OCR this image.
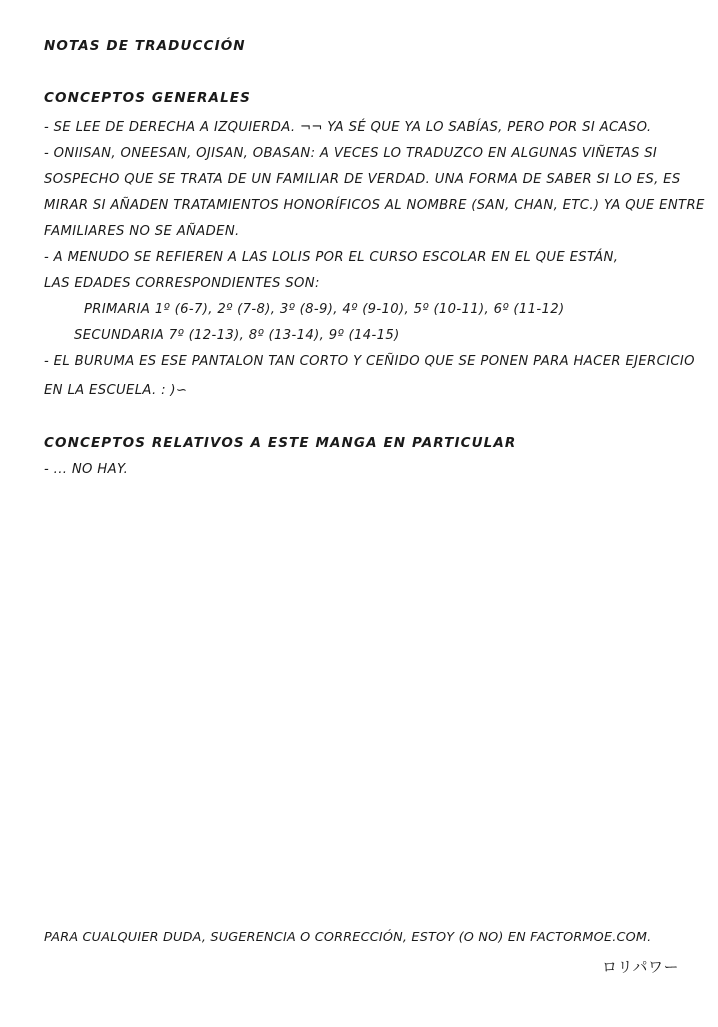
NOTAS DE TRADUCCIÓN
CONCEPTOS GENERALES
- SE LEE DE DERECHA A IZQUIERDA. ¬¬ YA SÉ QUE YA LO SABÍAS, PERO POR SI ACASO.
- ONIISAN, ONEESAN, OJISAN, OBASAN: A VECES LO TRADUZCO EN ALGUNAS VIÑETAS SI
SOSPECHO QUE SE TRATA DE UN FAMILIAR DE VERDAD. UNA FORMA DE SABER SI LO ES, ES
MIRAR SI AÑADEN TRATAMIENTOS HONORÍFICOS AL NOMBRE (SAN, CHAN, ETC.) YA QUE ENTRE
FAMILIARES NO SE AÑADEN.
- A MENUDO SE REFIEREN A LAS LOLIS POR EL CURSO ESCOLAR EN EL QUE ESTÁN,
LAS EDADES CORRESPONDIENTES SON:
PRIMARIA 1º (6-7), 2º (7-8), 3º (8-9), 4º (9-10), 5º (10-11), 6º (11-12)
SECUNDARIA 7º (12-13), 8º (13-14), 9º (14-15)
- EL BURUMA ES ESE PANTALON TAN CORTO Y CEÑIDO QUE SE PONEN PARA HACER EJERCICIO
EN LA ESCUELA. : )∽
CONCEPTOS RELATIVOS A ESTE MANGA EN PARTICULAR
- ... NO HAY.
PARA CUALQUIER DUDA, SUGERENCIA O CORRECCIÓN, ESTOY (O NO) EN FACTORMOE.COM.
ロリパワー
